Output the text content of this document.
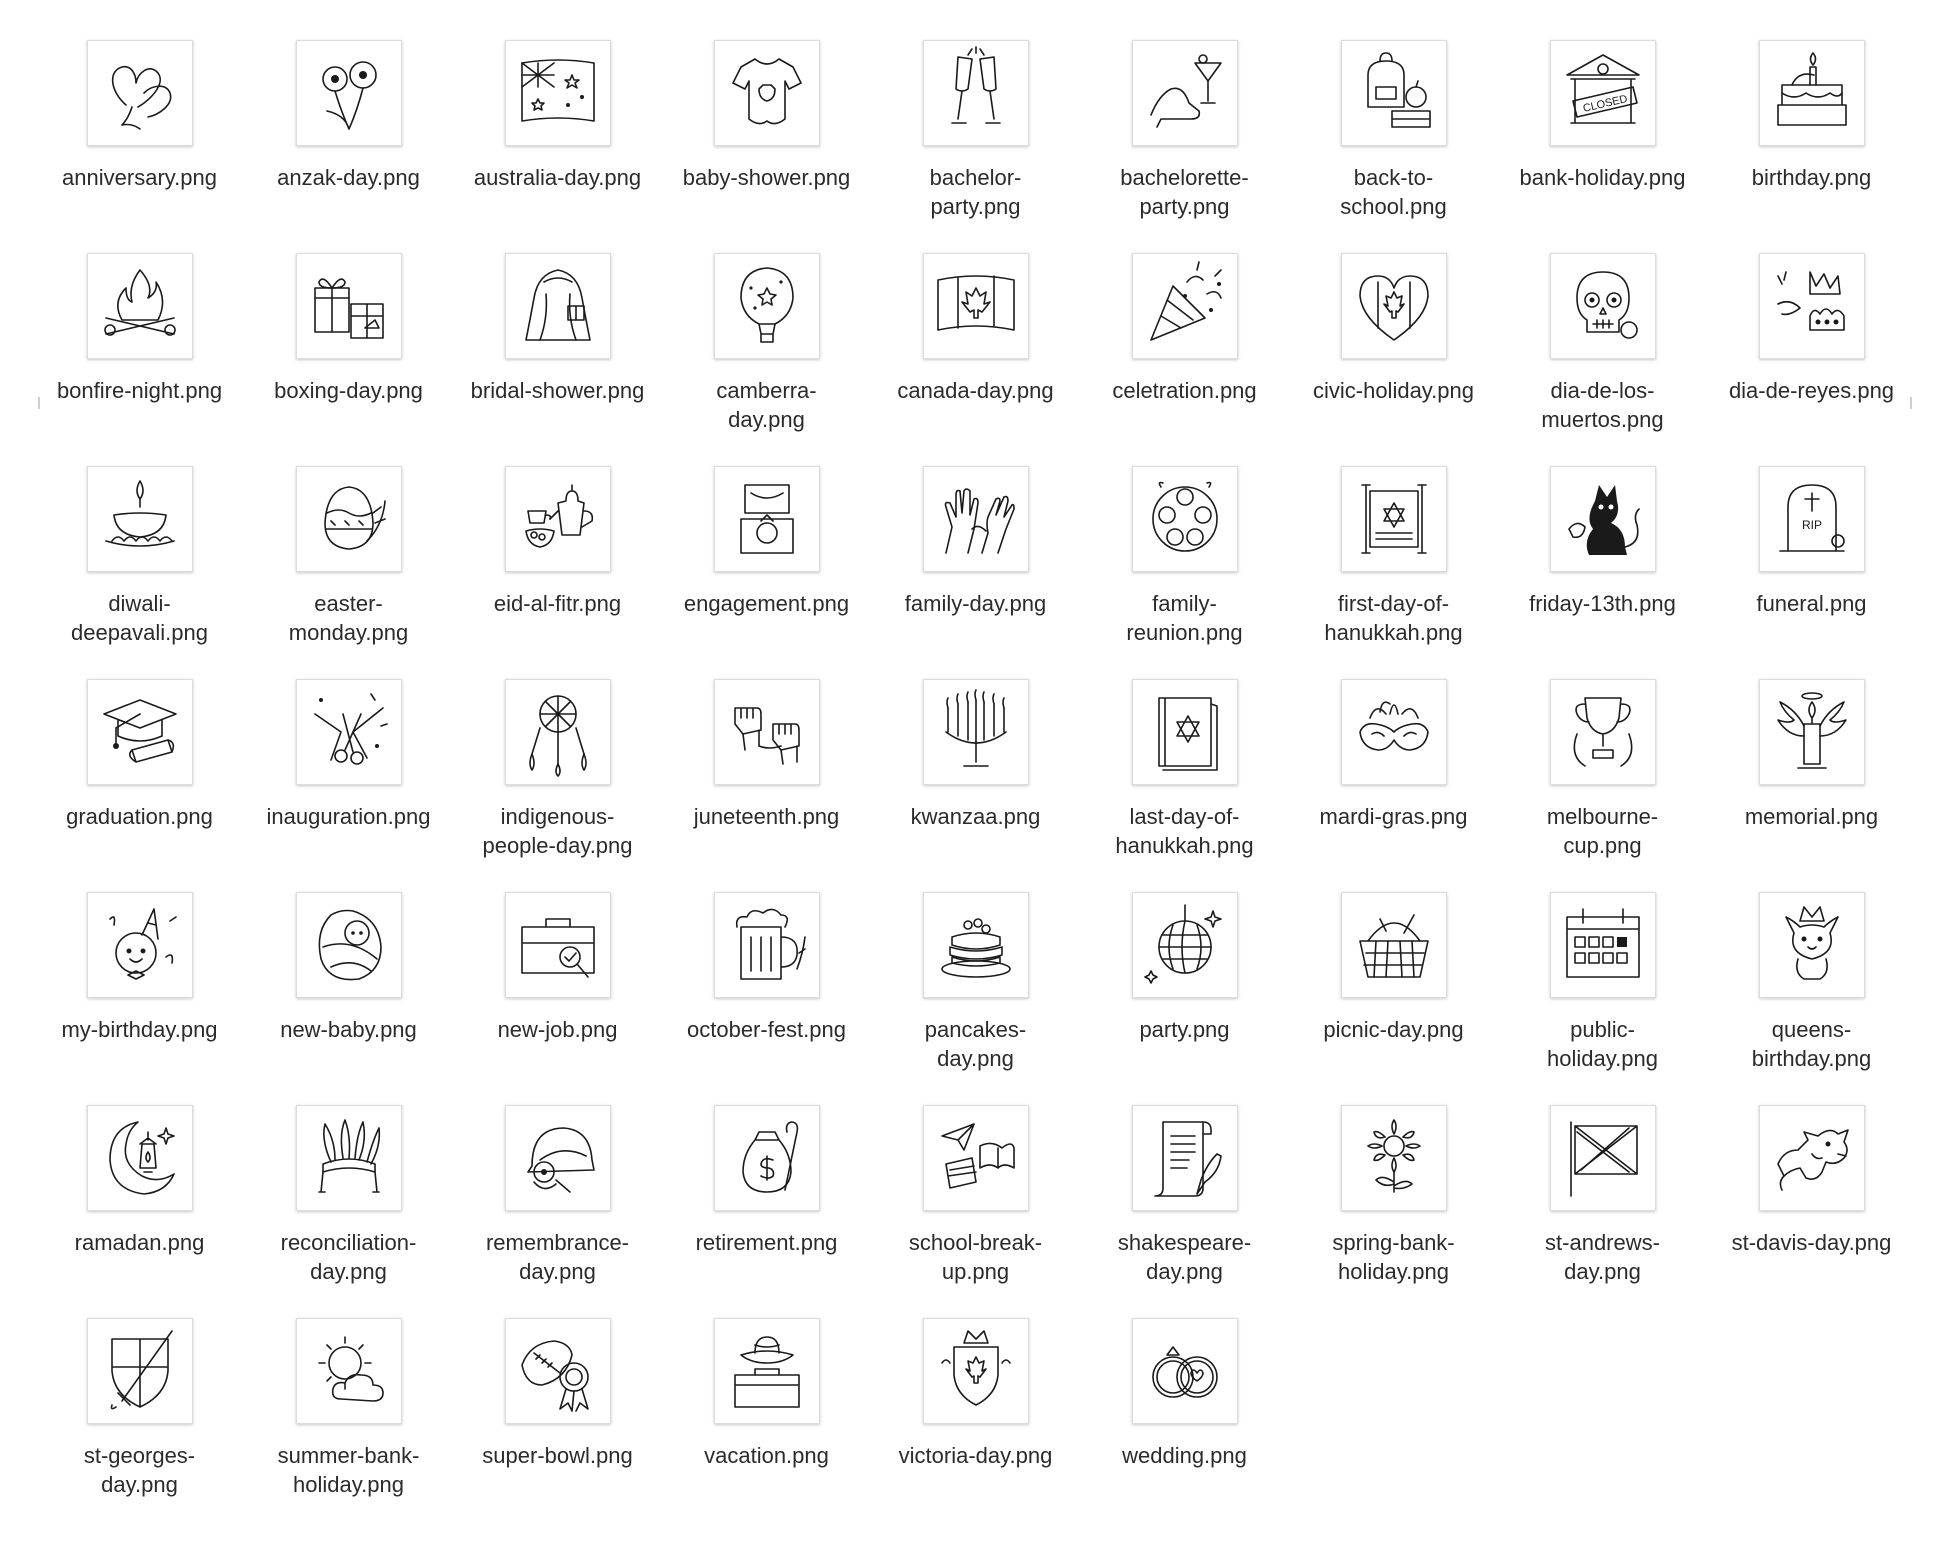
anniversary.png	anzak-day.png	australia-day.png	baby-shower.png	bachelor-
party.png
bachelorette-
party.png
back-to-
school.png
CLOSED
bank-holiday.png	birthday.png
bonfire-night.png	boxing-day.png	bridal-shower.png	camberra-
day.png
canada-day.png	celetration.png	civic-holiday.png	dia-de-los-
muertos.png
dia-de-reyes.png
diwali-
deepavali.png
easter-
monday.png
eid-al-fitr.png	engagement.png	family-day.png	family-
reunion.png
first-day-of-
hanukkah.png
friday-13th.png
RIP
funeral.png
graduation.png	inauguration.png	indigenous-
people-day.png
juneteenth.png	kwanzaa.png	last-day-of-
hanukkah.png
mardi-gras.png	melbourne-
cup.png
memorial.png
my-birthday.png	new-baby.png	new-job.png	october-fest.png	pancakes-
day.png
party.png	picnic-day.png	public-
holiday.png
queens-
birthday.png
ramadan.png	reconciliation-
day.png
remembrance-
day.png
retirement.png	school-break-
up.png
shakespeare-
day.png
spring-bank-
holiday.png
st-andrews-
day.png
st-davis-day.png
st-georges-
day.png
summer-bank-
holiday.png
super-bowl.png	vacation.png	victoria-day.png	wedding.png
